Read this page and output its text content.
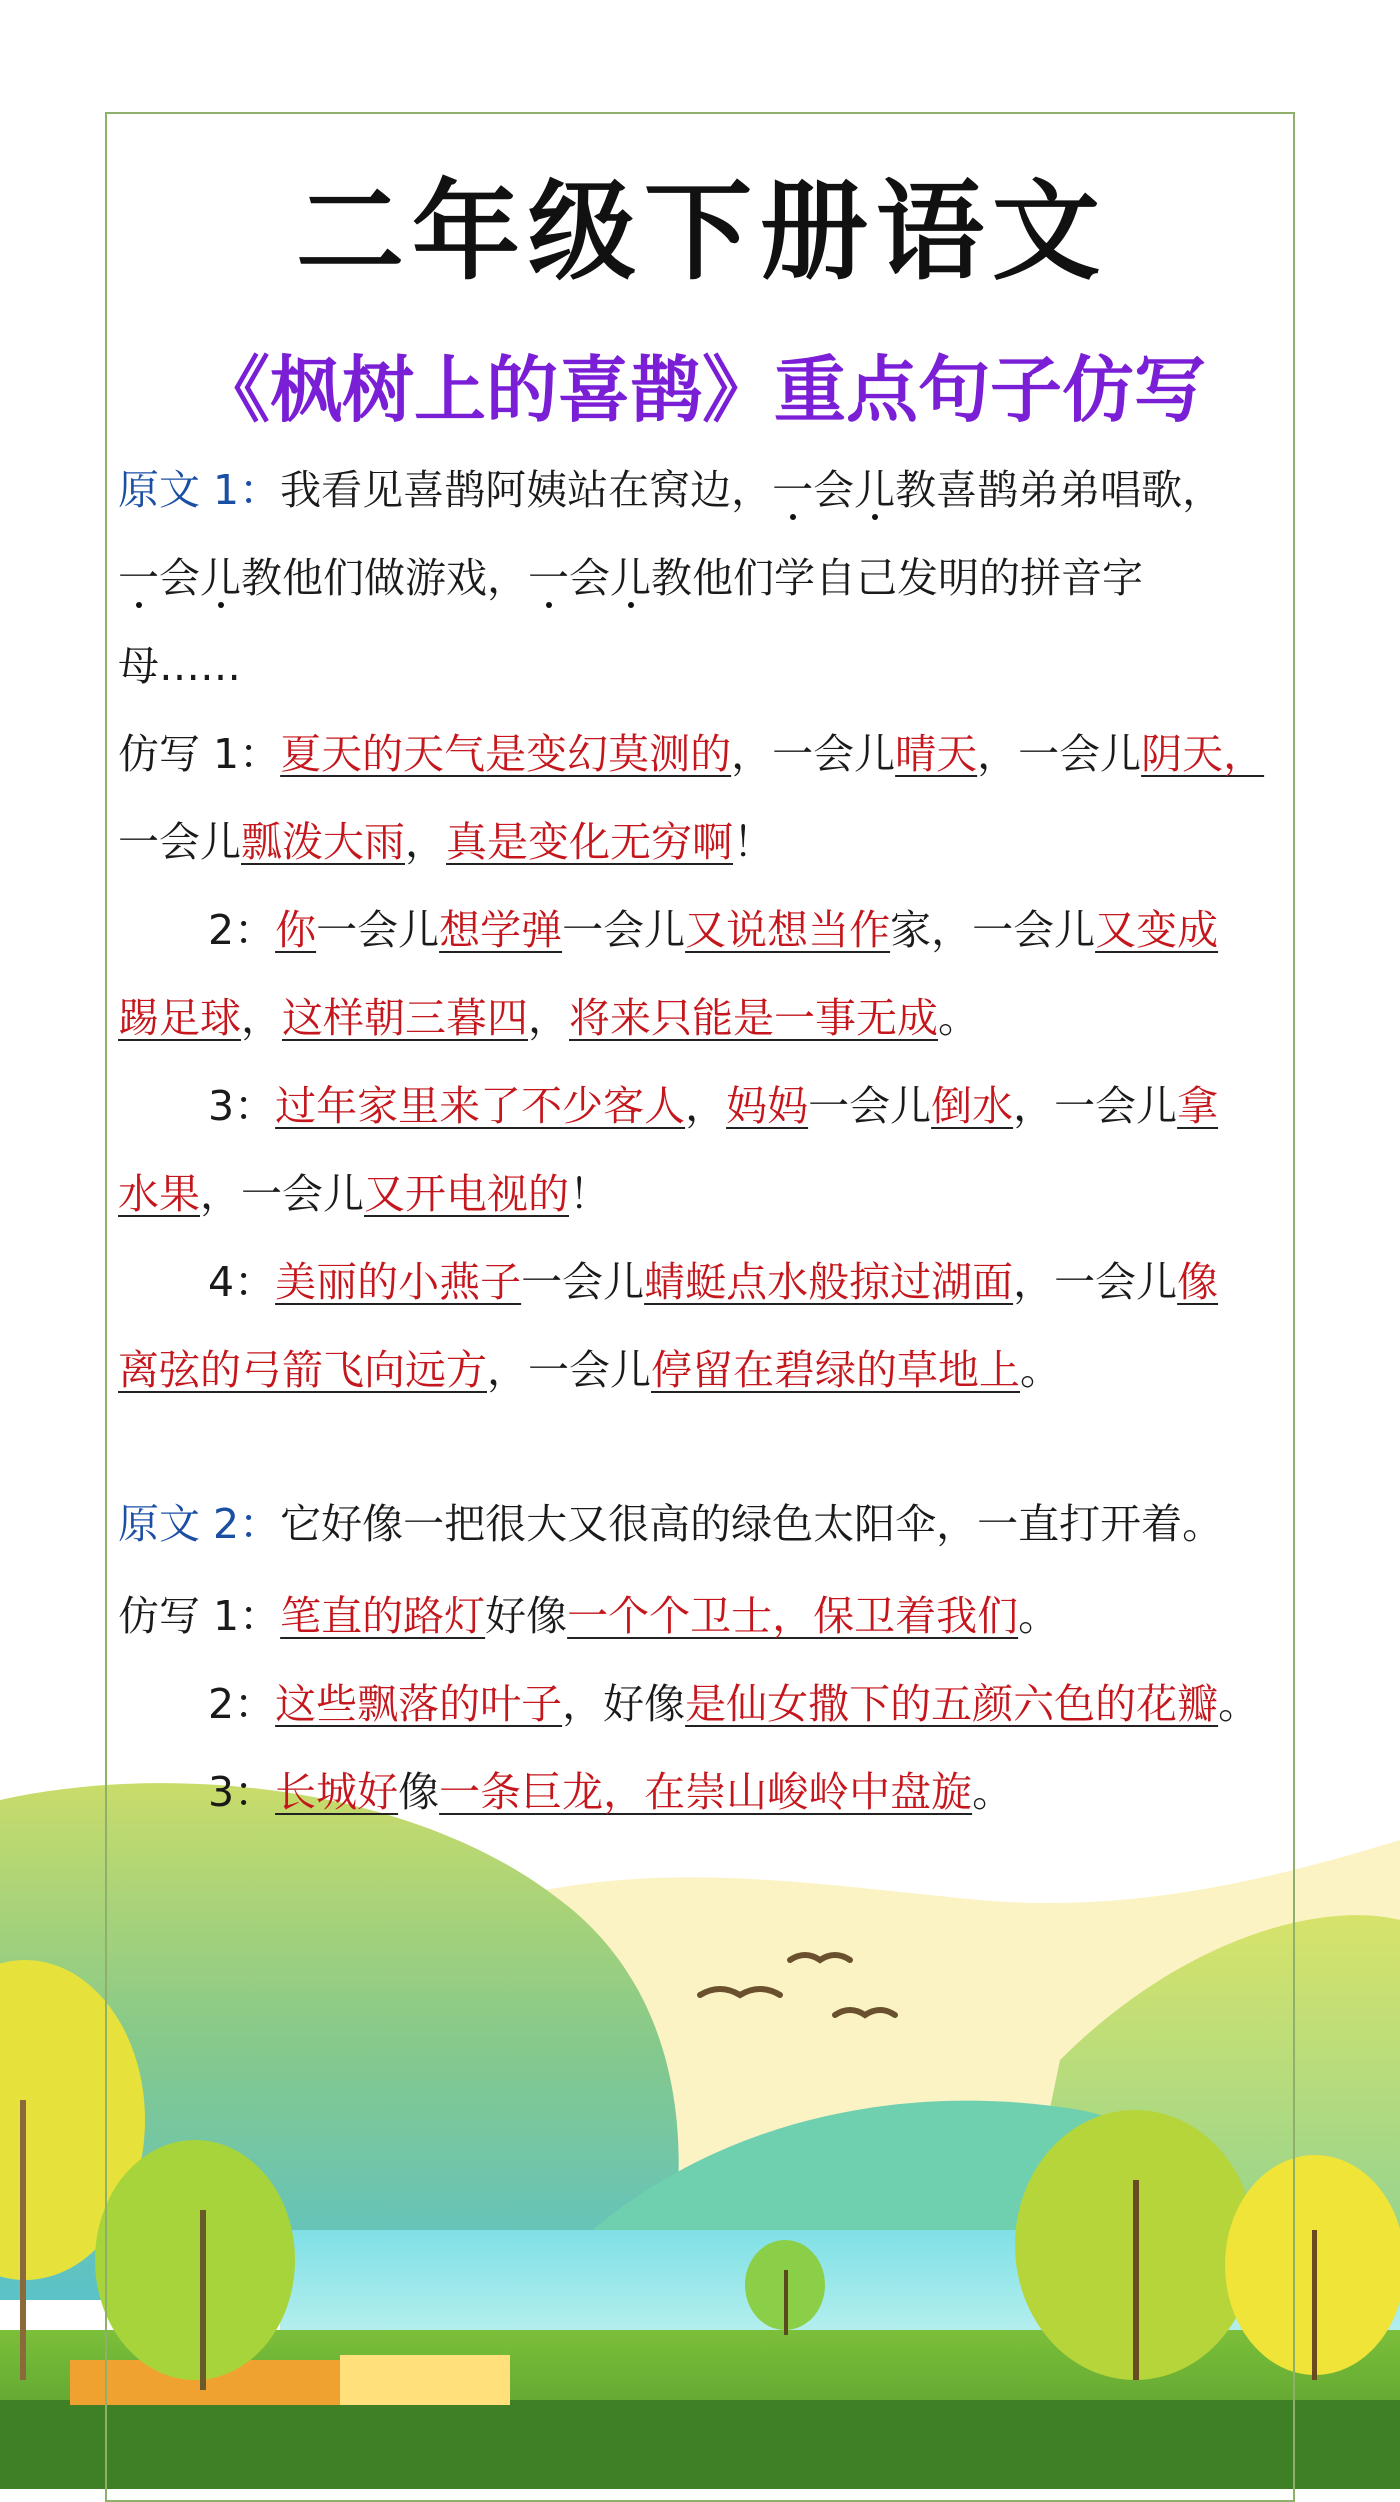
二年级下册语文
《枫树上的喜鹊》重点句子仿写
原文 1：我看见喜鹊阿姨站在窝边，一会儿教喜鹊弟弟唱歌，
一会儿教他们做游戏，一会儿教他们学自己发明的拼音字
母……
仿写 1：夏天的天气是变幻莫测的，一会儿晴天，一会儿阴天，
一会儿瓢泼大雨，真是变化无穷啊！
2：你一会儿想学弹一会儿又说想当作家，一会儿又变成
踢足球，这样朝三暮四，将来只能是一事无成。
3：过年家里来了不少客人，妈妈一会儿倒水，一会儿拿
水果，一会儿又开电视的！
4：美丽的小燕子一会儿蜻蜓点水般掠过湖面，一会儿像
离弦的弓箭飞向远方，一会儿停留在碧绿的草地上。
原文 2：它好像一把很大又很高的绿色太阳伞，一直打开着。
仿写 1：笔直的路灯好像一个个卫士，保卫着我们。
2：这些飘落的叶子，好像是仙女撒下的五颜六色的花瓣。
3：长城好像一条巨龙，在崇山峻岭中盘旋。
